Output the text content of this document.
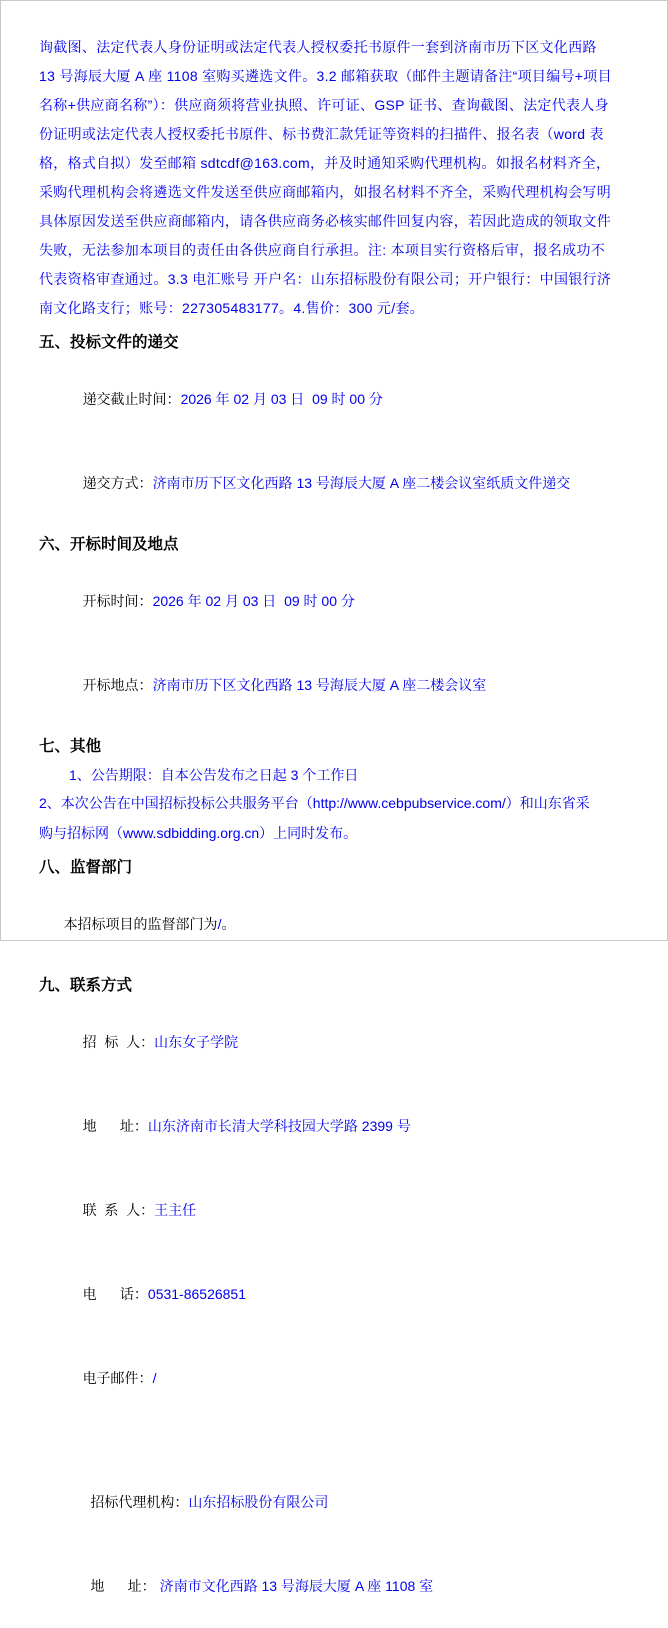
询截图、法定代表人身份证明或法定代表人授权委托书原件一套到济南市历下区文化西路
13 号海辰大厦 A 座 1108 室购买遴选文件。3.2 邮箱获取（邮件主题请备注“项目编号+项目
名称+供应商名称”）：供应商须将营业执照、许可证、GSP 证书、查询截图、法定代表人身
份证明或法定代表人授权委托书原件、标书费汇款凭证等资料的扫描件、报名表（word 表
格，格式自拟）发至邮箱 sdtcdf@163.com，并及时通知采购代理机构。如报名材料齐全，
采购代理机构会将遴选文件发送至供应商邮箱内，如报名材料不齐全，采购代理机构会写明
具体原因发送至供应商邮箱内，请各供应商务必核实邮件回复内容，若因此造成的领取文件
失败，无法参加本项目的责任由各供应商自行承担。注: 本项目实行资格后审，报名成功不
代表资格审查通过。3.3 电汇账号 开户名：山东招标股份有限公司；开户银行：中国银行济
南文化路支行；账号：227305483177。4.售价：300 元/套。
五、投标文件的递交

递交截止时间：2026 年 02 月 03 日  09 时 00 分

递交方式：济南市历下区文化西路 13 号海辰大厦 A 座二楼会议室纸质文件递交

六、开标时间及地点

开标时间：2026 年 02 月 03 日  09 时 00 分

开标地点：济南市历下区文化西路 13 号海辰大厦 A 座二楼会议室

七、其他
1、公告期限：自本公告发布之日起 3 个工作日
2、本次公告在中国招标投标公共服务平台（http://www.cebpubservice.com/）和山东省采
购与招标网（www.sdbidding.org.cn）上同时发布。
八、监督部门

本招标项目的监督部门为/。

九、联系方式

招  标  人：山东女子学院

地      址：山东济南市长清大学科技园大学路 2399 号

联  系  人：王主任

电      话：0531-86526851

电子邮件：/

招标代理机构：山东招标股份有限公司

地      址： 济南市文化西路 13 号海辰大厦 A 座 1108 室
